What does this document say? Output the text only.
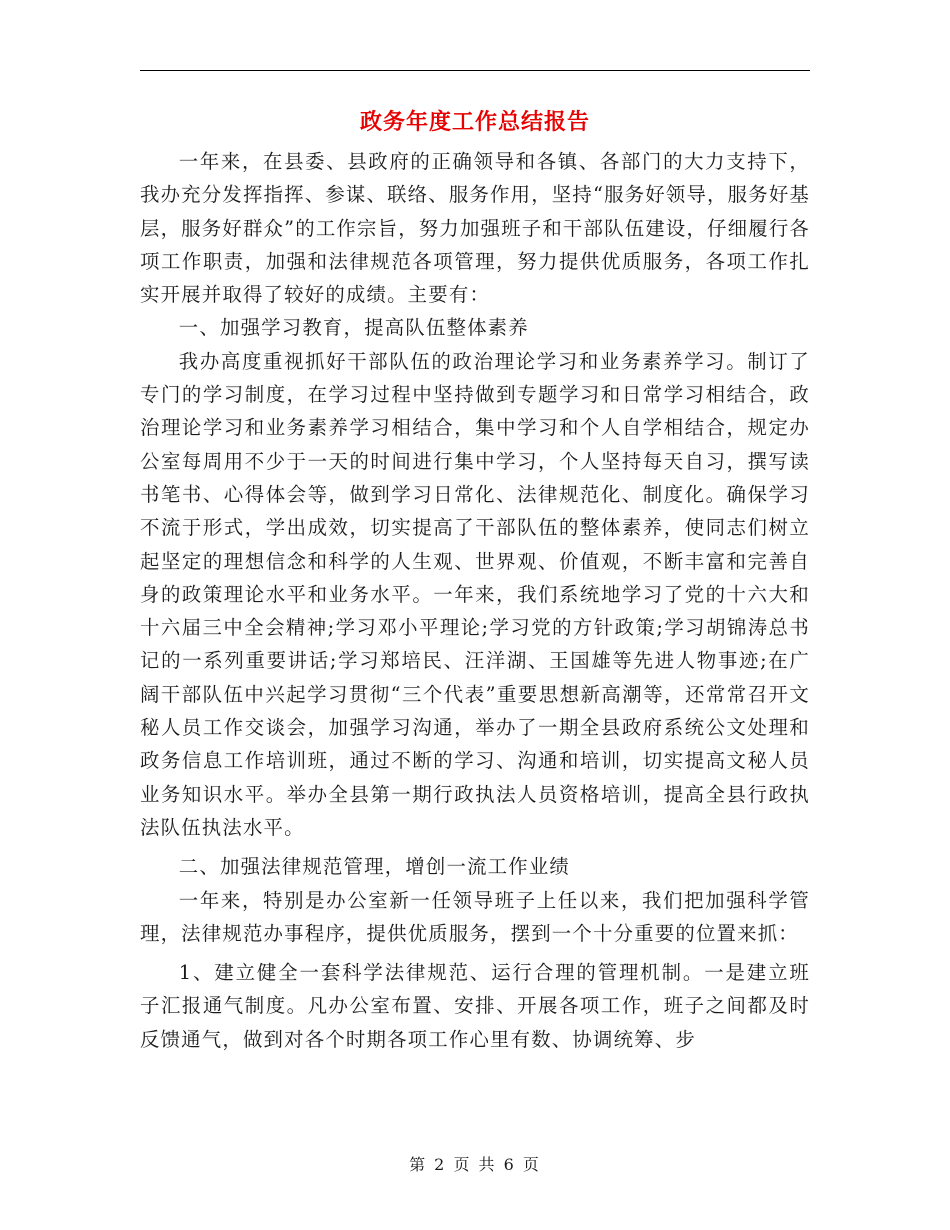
政务年度工作总结报告

一年来，在县委、县政府的正确领导和各镇、各部门的大力支持下，我办充分发挥指挥、参谋、联络、服务作用，坚持“服务好领导，服务好基层，服务好群众”的工作宗旨，努力加强班子和干部队伍建设，仔细履行各项工作职责，加强和法律规范各项管理，努力提供优质服务，各项工作扎实开展并取得了较好的成绩。主要有：

一、加强学习教育，提高队伍整体素养

我办高度重视抓好干部队伍的政治理论学习和业务素养学习。制订了专门的学习制度，在学习过程中坚持做到专题学习和日常学习相结合，政治理论学习和业务素养学习相结合，集中学习和个人自学相结合，规定办公室每周用不少于一天的时间进行集中学习，个人坚持每天自习，撰写读书笔书、心得体会等，做到学习日常化、法律规范化、制度化。确保学习不流于形式，学出成效，切实提高了干部队伍的整体素养，使同志们树立起坚定的理想信念和科学的人生观、世界观、价值观，不断丰富和完善自身的政策理论水平和业务水平。一年来，我们系统地学习了党的十六大和十六届三中全会精神;学习邓小平理论;学习党的方针政策;学习胡锦涛总书记的一系列重要讲话;学习郑培民、汪洋湖、王国雄等先进人物事迹;在广阔干部队伍中兴起学习贯彻“三个代表”重要思想新高潮等，还常常召开文秘人员工作交谈会，加强学习沟通，举办了一期全县政府系统公文处理和政务信息工作培训班，通过不断的学习、沟通和培训，切实提高文秘人员业务知识水平。举办全县第一期行政执法人员资格培训，提高全县行政执法队伍执法水平。

二、加强法律规范管理，增创一流工作业绩

一年来，特别是办公室新一任领导班子上任以来，我们把加强科学管理，法律规范办事程序，提供优质服务，摆到一个十分重要的位置来抓：

1、建立健全一套科学法律规范、运行合理的管理机制。一是建立班子汇报通气制度。凡办公室布置、安排、开展各项工作，班子之间都及时反馈通气，做到对各个时期各项工作心里有数、协调统筹、步

第 2 页 共 6 页
